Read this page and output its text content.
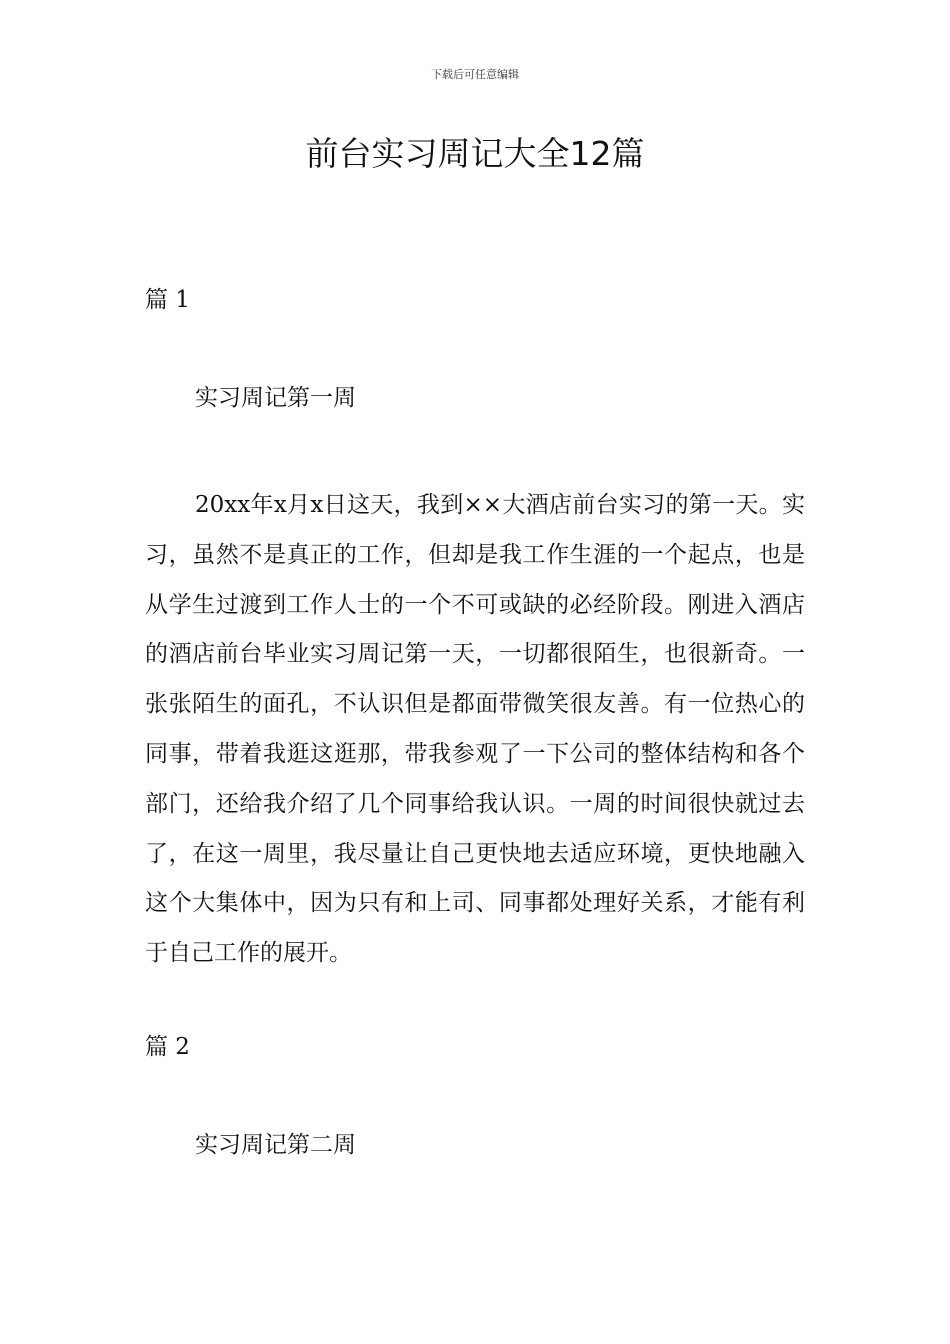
下载后可任意编辑
前台实习周记大全12篇
篇 1
实习周记第一周

20xx年x月x日这天，我到××大酒店前台实习的第一天。实习，虽然不是真正的工作，但却是我工作生涯的一个起点，也是从学生过渡到工作人士的一个不可或缺的必经阶段。刚进入酒店的酒店前台毕业实习周记第一天，一切都很陌生，也很新奇。一张张陌生的面孔，不认识但是都面带微笑很友善。有一位热心的同事，带着我逛这逛那，带我参观了一下公司的整体结构和各个部门，还给我介绍了几个同事给我认识。一周的时间很快就过去了，在这一周里，我尽量让自己更快地去适应环境，更快地融入这个大集体中，因为只有和上司、同事都处理好关系，才能有利于自己工作的展开。

篇 2
实习周记第二周
